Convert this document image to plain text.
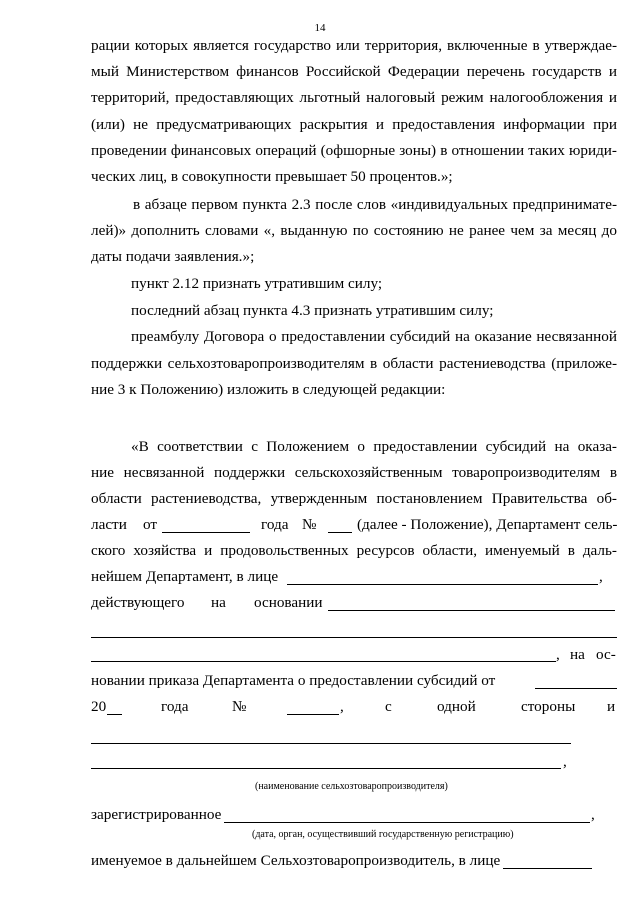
14
рации которых является государство или территория, включенные в утверждае-
мый Министерством финансов Российской Федерации перечень государств и
территорий, предоставляющих льготный налоговый режим налогообложения и
(или) не предусматривающих раскрытия и предоставления информации при
проведении финансовых операций (офшорные зоны) в отношении таких юриди-
ческих лиц, в совокупности превышает 50 процентов.»;
в абзаце первом пункта 2.3 после слов «индивидуальных предпринимате-
лей)» дополнить словами «, выданную по состоянию не ранее чем за месяц до
даты подачи заявления.»;
пункт 2.12 признать утратившим силу;
последний абзац пункта 4.3 признать утратившим силу;
преамбулу Договора о предоставлении субсидий на оказание несвязанной
поддержки сельхозтоваропроизводителям в области растениеводства (приложе-
ние 3 к Положению) изложить в следующей редакции:
«В соответствии с Положением о предоставлении субсидий на оказа-
ние несвязанной поддержки сельскохозяйственным товаропроизводителям в
области растениеводства, утвержденным постановлением Правительства об-
ласти от	года №	(далее - Положение), Департамент сель-
ского хозяйства и продовольственных ресурсов области, именуемый в даль-
нейшем Департамент, в лице	,
действующего на основании
, на ос-
новании приказа Департамента о предоставлении субсидий от
20	года	№	,	с	одной	стороны и
,
(наименование сельхозтоваропроизводителя)
зарегистрированное	,
(дата, орган, осуществивший государственную регистрацию)
именуемое в дальнейшем Сельхозтоваропроизводитель, в лице
